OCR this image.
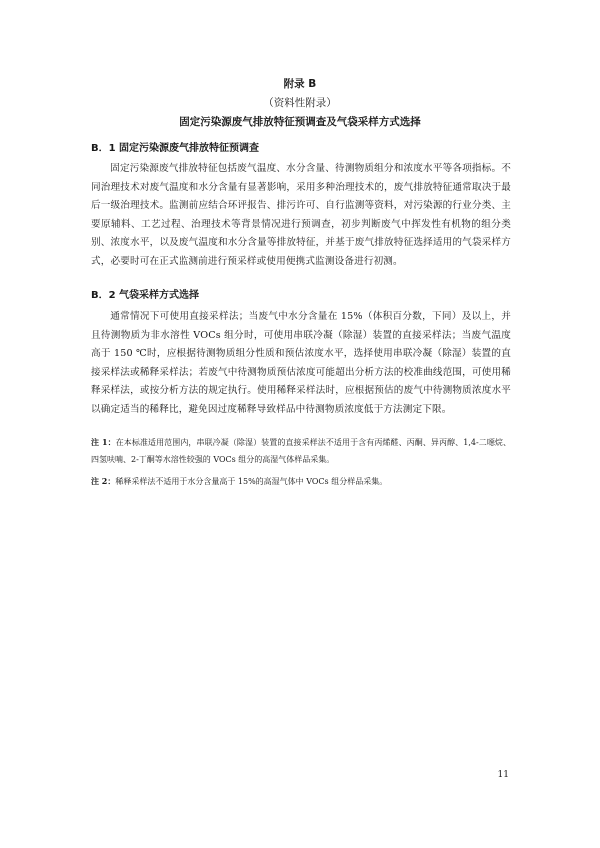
附录 B
（资料性附录）
固定污染源废气排放特征预调查及气袋采样方式选择
B．1 固定污染源废气排放特征预调查
固定污染源废气排放特征包括废气温度、水分含量、待测物质组分和浓度水平等各项指标。不同治理技术对废气温度和水分含量有显著影响，采用多种治理技术的，废气排放特征通常取决于最后一级治理技术。监测前应结合环评报告、排污许可、自行监测等资料，对污染源的行业分类、主要原辅料、工艺过程、治理技术等背景情况进行预调查，初步判断废气中挥发性有机物的组分类别、浓度水平，以及废气温度和水分含量等排放特征，并基于废气排放特征选择适用的气袋采样方式，必要时可在正式监测前进行预采样或使用便携式监测设备进行初测。
B．2 气袋采样方式选择
通常情况下可使用直接采样法；当废气中水分含量在 15%（体积百分数，下同）及以上，并且待测物质为非水溶性 VOCs 组分时，可使用串联冷凝（除湿）装置的直接采样法；当废气温度高于 150 ℃时，应根据待测物质组分性质和预估浓度水平，选择使用串联冷凝（除湿）装置的直接采样法或稀释采样法；若废气中待测物质预估浓度可能超出分析方法的校准曲线范围，可使用稀释采样法，或按分析方法的规定执行。使用稀释采样法时，应根据预估的废气中待测物质浓度水平以确定适当的稀释比，避免因过度稀释导致样品中待测物质浓度低于方法测定下限。
注 1：在本标准适用范围内，串联冷凝（除湿）装置的直接采样法不适用于含有丙烯醛、丙酮、异丙醇、1,4-二噁烷、四氢呋喃、2-丁酮等水溶性较强的 VOCs 组分的高湿气体样品采集。
注 2：稀释采样法不适用于水分含量高于 15%的高湿气体中 VOCs 组分样品采集。
11
